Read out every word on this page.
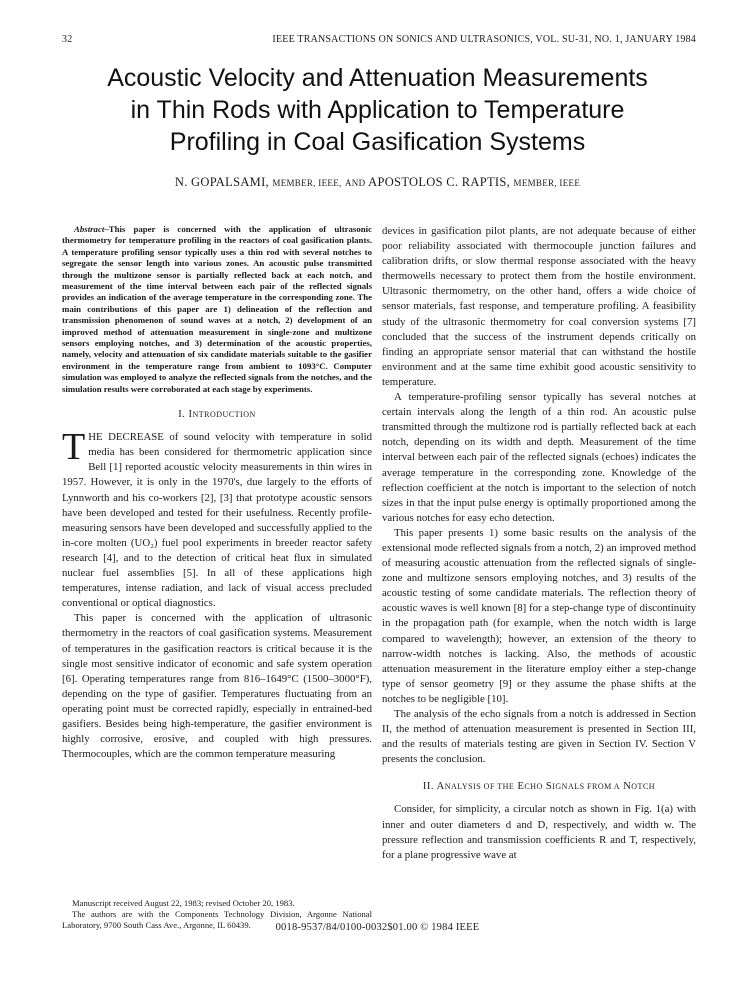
32	IEEE TRANSACTIONS ON SONICS AND ULTRASONICS, VOL. SU-31, NO. 1, JANUARY 1984
Acoustic Velocity and Attenuation Measurements
in Thin Rods with Application to Temperature
Profiling in Coal Gasification Systems
N. GOPALSAMI, MEMBER, IEEE, AND APOSTOLOS C. RAPTIS, MEMBER, IEEE

Abstract–This paper is concerned with the application of ultrasonic thermometry for temperature profiling in the reactors of coal gasification plants. A temperature profiling sensor typically uses a thin rod with several notches to segregate the sensor length into various zones. An acoustic pulse transmitted through the multizone sensor is partially reflected back at each notch, and measurement of the time interval between each pair of the reflected signals provides an indication of the average temperature in the corresponding zone. The main contributions of this paper are 1) delineation of the reflection and transmission phenomenon of sound waves at a notch, 2) development of an improved method of attenuation measurement in single-zone and multizone sensors employing notches, and 3) determination of the acoustic properties, namely, velocity and attenuation of six candidate materials suitable to the gasifier environment in the temperature range from ambient to 1093°C. Computer simulation was employed to analyze the reflected signals from the notches, and the simulation results were corroborated at each stage by experiments.

I. INTRODUCTION

THE DECREASE of sound velocity with temperature in solid media has been considered for thermometric application since Bell [1] reported acoustic velocity measurements in thin wires in 1957. However, it is only in the 1970's, due largely to the efforts of Lynnworth and his co-workers [2], [3] that prototype acoustic sensors have been developed and tested for their usefulness. Recently profile-measuring sensors have been developed and successfully applied to the in-core molten (UO₂) fuel pool experiments in breeder reactor safety research [4], and to the detection of critical heat flux in simulated nuclear fuel assemblies [5]. In all of these applications high temperatures, intense radiation, and lack of visual access precluded conventional or optical diagnostics.

This paper is concerned with the application of ultrasonic thermometry in the reactors of coal gasification systems. Measurement of temperatures in the gasification reactors is critical because it is the single most sensitive indicator of economic and safe system operation [6]. Operating temperatures range from 816–1649°C (1500–3000°F), depending on the type of gasifier. Temperatures fluctuating from an operating point must be corrected rapidly, especially in entrained-bed gasifiers. Besides being high-temperature, the gasifier environment is highly corrosive, erosive, and coupled with high pressures. Thermocouples, which are the common temperature measuring

Manuscript received August 22, 1983; revised October 20, 1983.

The authors are with the Components Technology Division, Argonne National Laboratory, 9700 South Cass Ave., Argonne, IL 60439.

devices in gasification pilot plants, are not adequate because of either poor reliability associated with thermocouple junction failures and calibration drifts, or slow thermal response associated with the heavy thermowells necessary to protect them from the hostile environment. Ultrasonic thermometry, on the other hand, offers a wide choice of sensor materials, fast response, and temperature profiling. A feasibility study of the ultrasonic thermometry for coal conversion systems [7] concluded that the success of the instrument depends critically on finding an appropriate sensor material that can withstand the hostile environment and at the same time exhibit good acoustic sensitivity to temperature.

A temperature-profiling sensor typically has several notches at certain intervals along the length of a thin rod. An acoustic pulse transmitted through the multizone rod is partially reflected back at each notch, depending on its width and depth. Measurement of the time interval between each pair of the reflected signals (echoes) indicates the average temperature in the corresponding zone. Knowledge of the reflection coefficient at the notch is important to the selection of notch sizes in that the input pulse energy is optimally proportioned among the various notches for easy echo detection.

This paper presents 1) some basic results on the analysis of the extensional mode reflected signals from a notch, 2) an improved method of measuring acoustic attenuation from the reflected signals of single-zone and multizone sensors employing notches, and 3) results of the acoustic testing of some candidate materials. The reflection theory of acoustic waves is well known [8] for a step-change type of discontinuity in the propagation path (for example, when the notch width is large compared to wavelength); however, an extension of the theory to narrow-width notches is lacking. Also, the methods of acoustic attenuation measurement in the literature employ either a step-change type of sensor geometry [9] or they assume the phase shifts at the notches to be negligible [10].

The analysis of the echo signals from a notch is addressed in Section II, the method of attenuation measurement is presented in Section III, and the results of materials testing are given in Section IV. Section V presents the conclusion.

II. ANALYSIS OF THE ECHO SIGNALS FROM A NOTCH

Consider, for simplicity, a circular notch as shown in Fig. 1(a) with inner and outer diameters d and D, respectively, and width w. The pressure reflection and transmission coefficients R and T, respectively, for a plane progressive wave at

0018-9537/84/0100-0032$01.00 © 1984 IEEE
